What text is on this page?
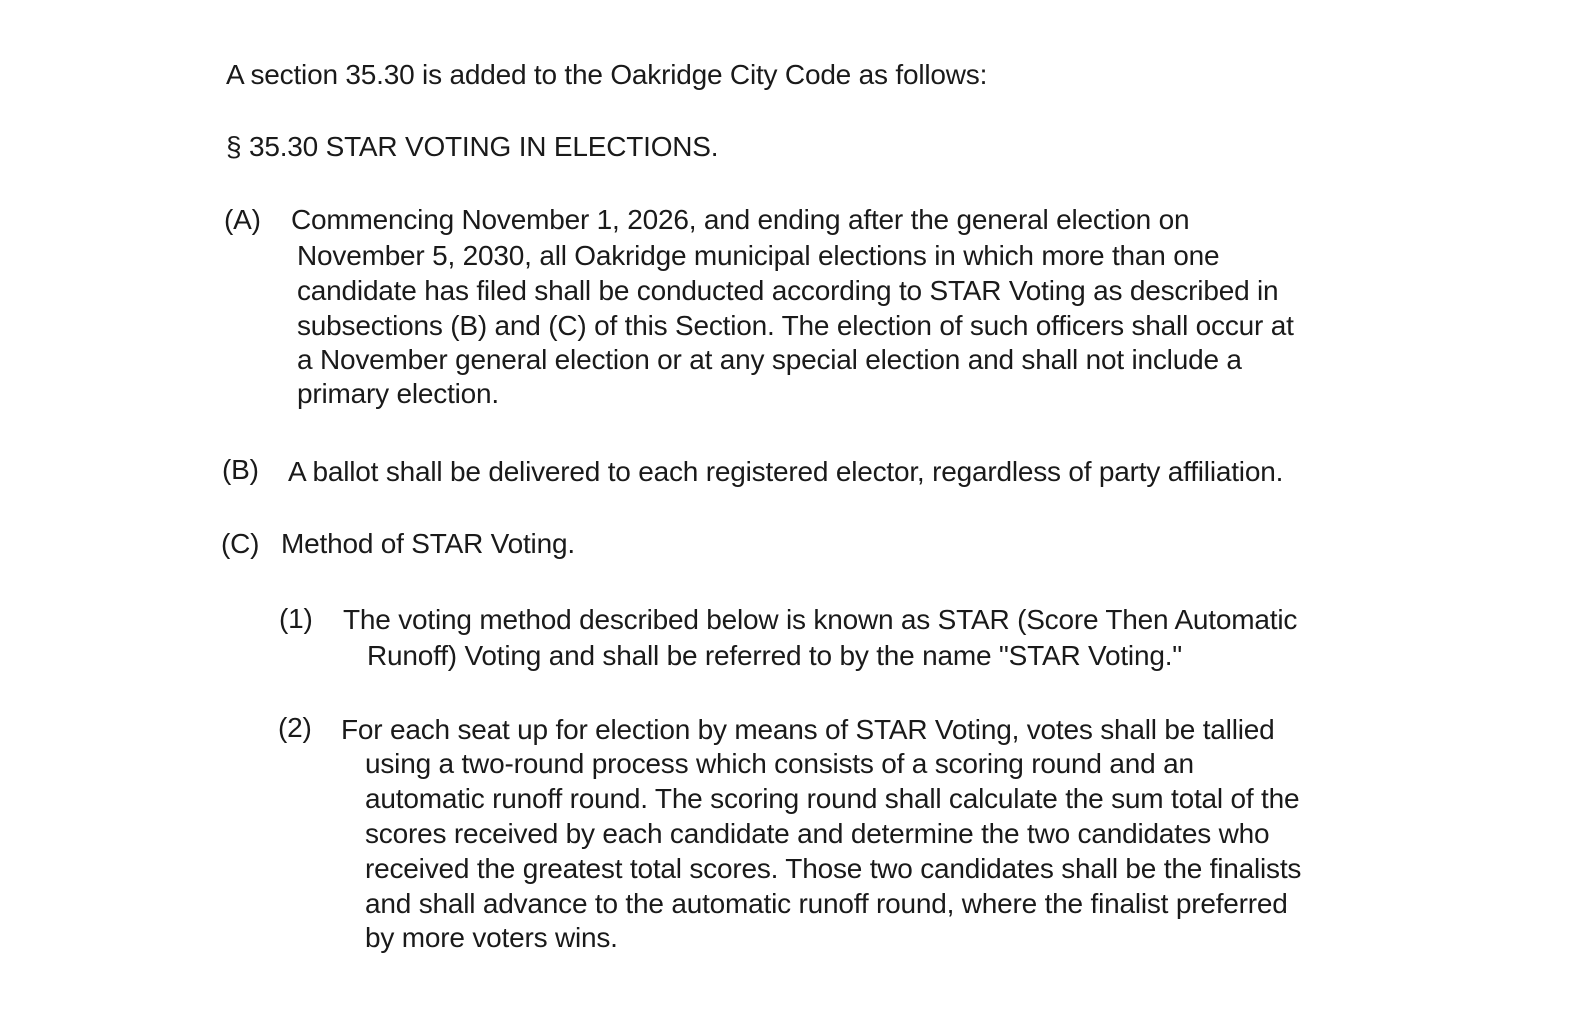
A section 35.30 is added to the Oakridge City Code as follows:

§ 35.30 STAR VOTING IN ELECTIONS.

(A) Commencing November 1, 2026, and ending after the general election on

November 5, 2030, all Oakridge municipal elections in which more than one

candidate has filed shall be conducted according to STAR Voting as described in

subsections (B) and (C) of this Section. The election of such officers shall occur at

a November general election or at any special election and shall not include a

primary election.

(B) A ballot shall be delivered to each registered elector, regardless of party affiliation.

(C) Method of STAR Voting.

(1) The voting method described below is known as STAR (Score Then Automatic

Runoff) Voting and shall be referred to by the name "STAR Voting."

(2) For each seat up for election by means of STAR Voting, votes shall be tallied

using a two-round process which consists of a scoring round and an

automatic runoff round. The scoring round shall calculate the sum total of the

scores received by each candidate and determine the two candidates who

received the greatest total scores. Those two candidates shall be the finalists

and shall advance to the automatic runoff round, where the finalist preferred

by more voters wins.
